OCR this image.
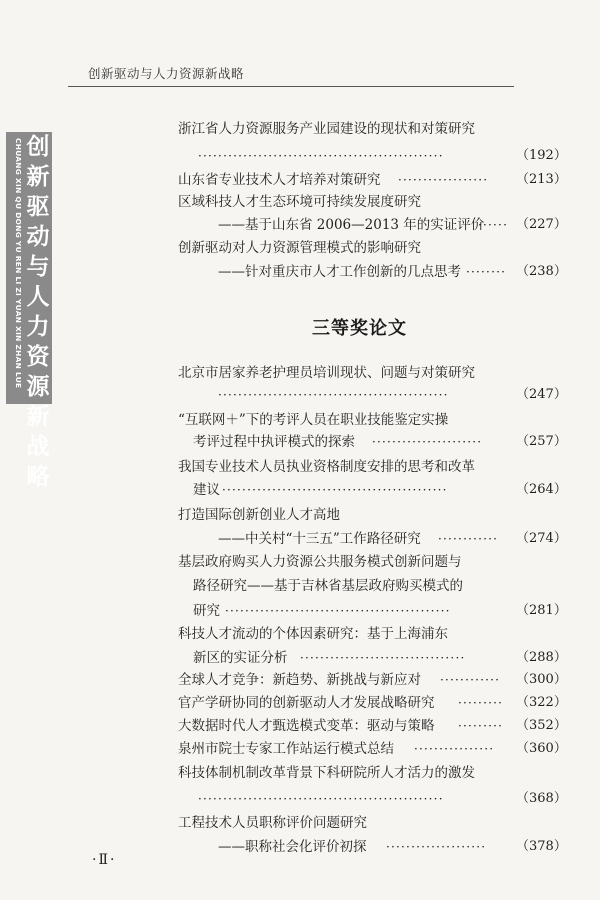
创新驱动与人力资源新战略
CHUANG XIN QU DONG YU REN LI ZI YUAN XIN ZHAN LUE 创
新
驱
动
与
人
力
资
源
新
战
略
三等奖论文
浙江省人力资源服务产业园建设的现状和对策研究
·················································	（192）
山东省专业技术人才培养对策研究 ··················	（213）
区域科技人才生态环境可持续发展度研究
——基于山东省 2006—2013 年的实证评价
······ （227）
创新驱动对人力资源管理模式的影响研究
——针对重庆市人才工作创新的几点思考 ········ （238）
北京市居家养老护理员培训现状、问题与对策研究
··············································	（247）
“互联网＋”下的考评人员在职业技能鉴定实操
考评过程中执评模式的探索 ······················	（257）
我国专业技术人员执业资格制度安排的思考和改革
建议 ·············································	（264）
打造国际创新创业人才高地
——中关村“十三五”工作路径研究 ············	（274）
基层政府购买人力资源公共服务模式创新问题与
路径研究——基于吉林省基层政府购买模式的
研究 ·············································	（281）
科技人才流动的个体因素研究：基于上海浦东
新区的实证分析 ·································	（288）
全球人才竞争：新趋势、新挑战与新应对 ············	（300）
官产学研协同的创新驱动人才发展战略研究 ········· （322）
大数据时代人才甄选模式变革：驱动与策略 ········· （352）
泉州市院士专家工作站运行模式总结 ················	（360）
科技体制机制改革背景下科研院所人才活力的激发
·················································	（368）
工程技术人员职称评价问题研究
——职称社会化评价初探 ····················	（378）
·Ⅱ·
